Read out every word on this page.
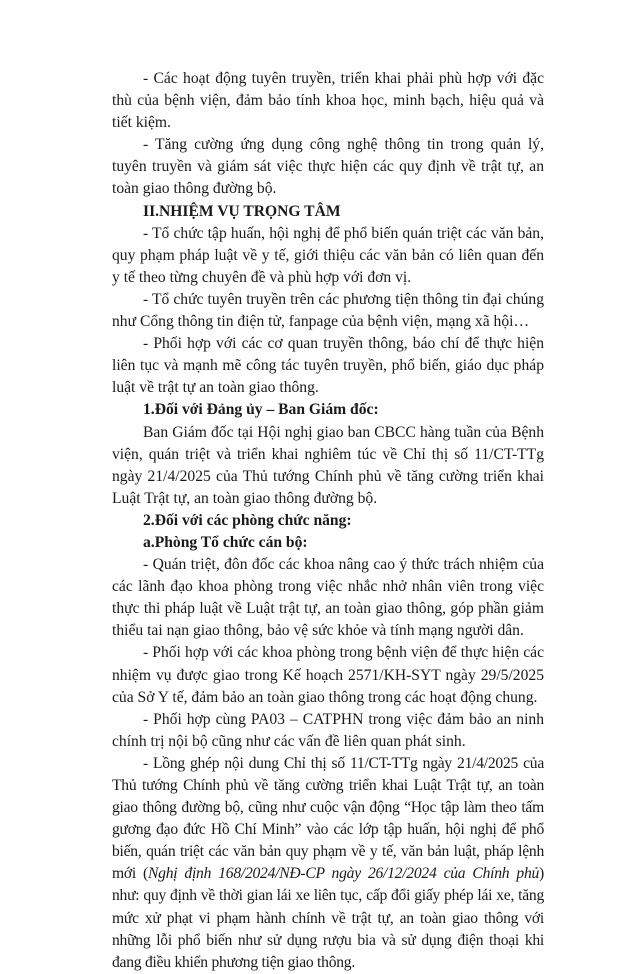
- Các hoạt động tuyên truyền, triển khai phải phù hợp với đặc thù của bệnh viện, đảm bảo tính khoa học, minh bạch, hiệu quả và tiết kiệm.

- Tăng cường ứng dụng công nghệ thông tin trong quản lý, tuyên truyền và giám sát việc thực hiện các quy định về trật tự, an toàn giao thông đường bộ.

II.NHIỆM VỤ TRỌNG TÂM

- Tổ chức tập huấn, hội nghị để phổ biến quán triệt các văn bản, quy phạm pháp luật về y tế, giới thiệu các văn bản có liên quan đến y tế theo từng chuyên đề và phù hợp với đơn vị.

- Tổ chức tuyên truyền trên các phương tiện thông tin đại chúng như Cổng thông tin điện tử, fanpage của bệnh viện, mạng xã hội…

- Phối hợp với các cơ quan truyền thông, báo chí để thực hiện liên tục và mạnh mẽ công tác tuyên truyền, phổ biến, giáo dục pháp luật về trật tự an toàn giao thông.

1.Đối với Đảng ủy – Ban Giám đốc:

Ban Giám đốc tại Hội nghị giao ban CBCC hàng tuần của Bệnh viện, quán triệt và triển khai nghiêm túc về Chỉ thị số 11/CT-TTg ngày 21/4/2025 của Thủ tướng Chính phủ về tăng cường triển khai Luật Trật tự, an toàn giao thông đường bộ.

2.Đối với các phòng chức năng:

a.Phòng Tổ chức cán bộ:

- Quán triệt, đôn đốc các khoa nâng cao ý thức trách nhiệm của các lãnh đạo khoa phòng trong việc nhắc nhở nhân viên trong việc thực thi pháp luật về Luật trật tự, an toàn giao thông, góp phần giảm thiểu tai nạn giao thông, bảo vệ sức khỏe và tính mạng người dân.

- Phối hợp với các khoa phòng trong bệnh viện để thực hiện các nhiệm vụ được giao trong Kế hoạch 2571/KH-SYT ngày 29/5/2025 của Sở Y tế, đảm bảo an toàn giao thông trong các hoạt động chung.

- Phối hợp cùng PA03 – CATPHN trong việc đảm bảo an ninh chính trị nội bộ cũng như các vấn đề liên quan phát sinh.

- Lồng ghép nội dung Chỉ thị số 11/CT-TTg ngày 21/4/2025 của Thủ tướng Chính phủ về tăng cường triển khai Luật Trật tự, an toàn giao thông đường bộ, cũng như cuộc vận động “Học tập làm theo tấm gương đạo đức Hồ Chí Minh” vào các lớp tập huấn, hội nghị để phổ biến, quán triệt các văn bản quy phạm về y tế, văn bản luật, pháp lệnh mới (Nghị định 168/2024/NĐ-CP ngày 26/12/2024 của Chính phủ) như: quy định về thời gian lái xe liên tục, cấp đổi giấy phép lái xe, tăng mức xử phạt vi phạm hành chính về trật tự, an toàn giao thông với những lỗi phổ biến như sử dụng rượu bia và sử dụng điện thoại khi đang điều khiển phương tiện giao thông.
